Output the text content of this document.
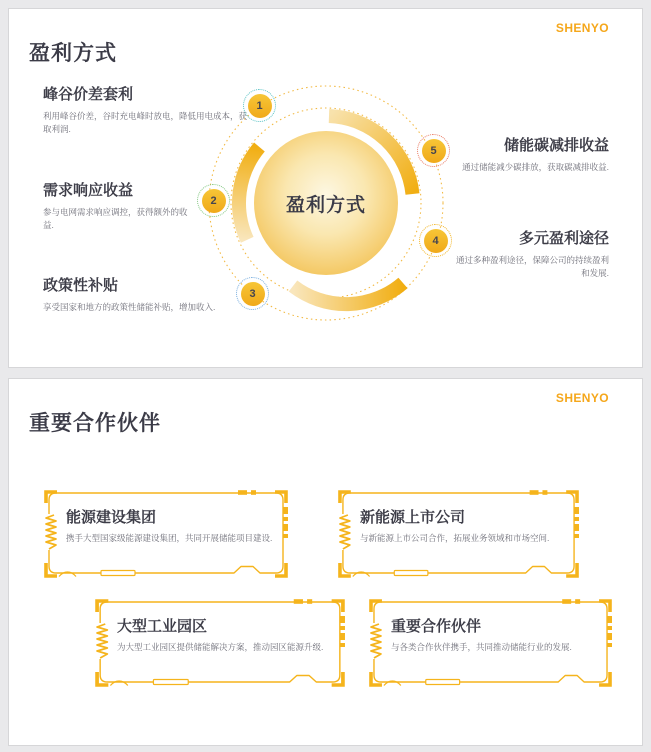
盈利方式
SHENYO
盈利方式
1
2
3
4
5
峰谷价差套利
利用峰谷价差，谷时充电峰时放电，降低用电成本，获取利润.
需求响应收益
参与电网需求响应调控，获得额外的收益.
政策性补贴
享受国家和地方的政策性储能补贴，增加收入.
储能碳减排收益
通过储能减少碳排放，获取碳减排收益.
多元盈利途径
通过多种盈利途径，保障公司的持续盈利和发展.
重要合作伙伴
SHENYO
能源建设集团
携手大型国家级能源建设集团，共同开展储能项目建设.
新能源上市公司
与新能源上市公司合作，拓展业务领域和市场空间.
大型工业园区
为大型工业园区提供储能解决方案，推动园区能源升级.
重要合作伙伴
与各类合作伙伴携手，共同推动储能行业的发展.
